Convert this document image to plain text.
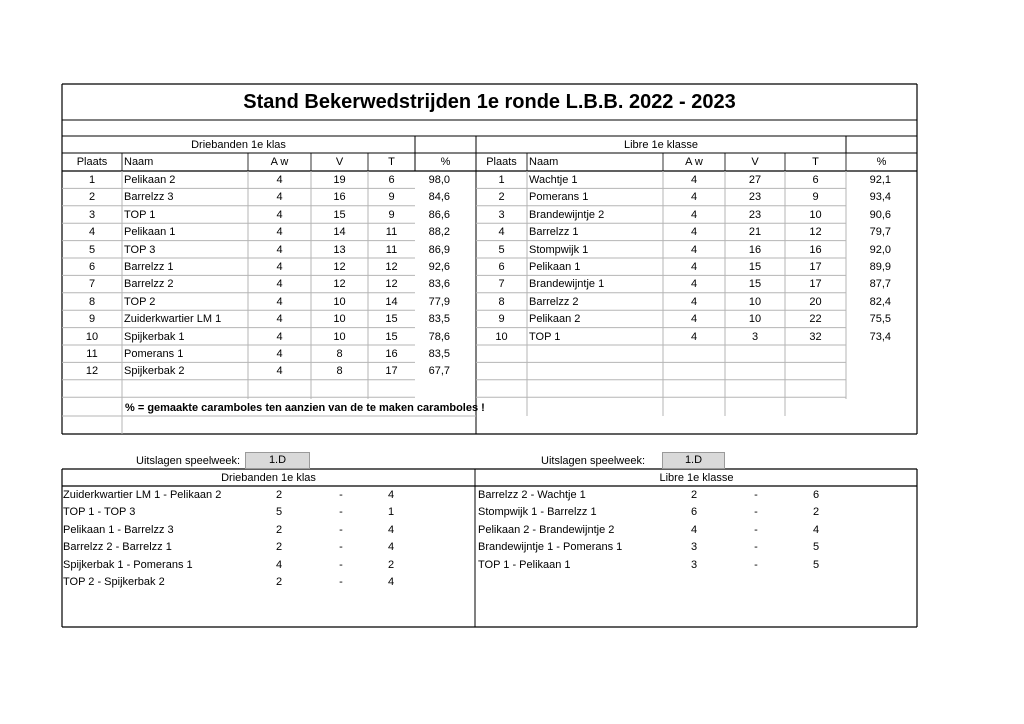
Stand Bekerwedstrijden 1e ronde L.B.B. 2022 - 2023
Driebanden 1e klas	Libre 1e klasse
Plaats	Naam	A w	V	T	%	Plaats	Naam	A w	V	T	%
1	Pelikaan 2	4	19	6	98,0
2	Barrelzz 3	4	16	9	84,6
3	TOP 1	4	15	9	86,6
4	Pelikaan 1	4	14	11	88,2
5	TOP 3	4	13	11	86,9
6	Barrelzz 1	4	12	12	92,6
7	Barrelzz 2	4	12	12	83,6
8	TOP 2	4	10	14	77,9
9	Zuiderkwartier LM 1	4	10	15	83,5
10	Spijkerbak 1	4	10	15	78,6
11	Pomerans 1	4	8	16	83,5
12	Spijkerbak 2	4	8	17	67,7
1	Wachtje 1	4	27	6	92,1
2	Pomerans 1	4	23	9	93,4
3	Brandewijntje 2	4	23	10	90,6
4	Barrelzz 1	4	21	12	79,7
5	Stompwijk 1	4	16	16	92,0
6	Pelikaan 1	4	15	17	89,9
7	Brandewijntje 1	4	15	17	87,7
8	Barrelzz 2	4	10	20	82,4
9	Pelikaan 2	4	10	22	75,5
10	TOP 1	4	3	32	73,4
% = gemaakte caramboles ten aanzien van de te maken caramboles !
Uitslagen speelweek:	1.D	Uitslagen speelweek:	1.D
Driebanden 1e klas	Libre 1e klasse
Zuiderkwartier LM 1 - Pelikaan 2	2	-	4
TOP 1 - TOP 3	5	-	1
Pelikaan 1 - Barrelzz 3	2	-	4
Barrelzz 2 - Barrelzz 1	2	-	4
Spijkerbak 1 - Pomerans 1	4	-	2
TOP 2 - Spijkerbak 2	2	-	4
Barrelzz 2 - Wachtje 1	2	-	6
Stompwijk 1 - Barrelzz 1	6	-	2
Pelikaan 2 - Brandewijntje 2	4	-	4
Brandewijntje 1 - Pomerans 1	3	-	5
TOP 1 - Pelikaan 1	3	-	5
